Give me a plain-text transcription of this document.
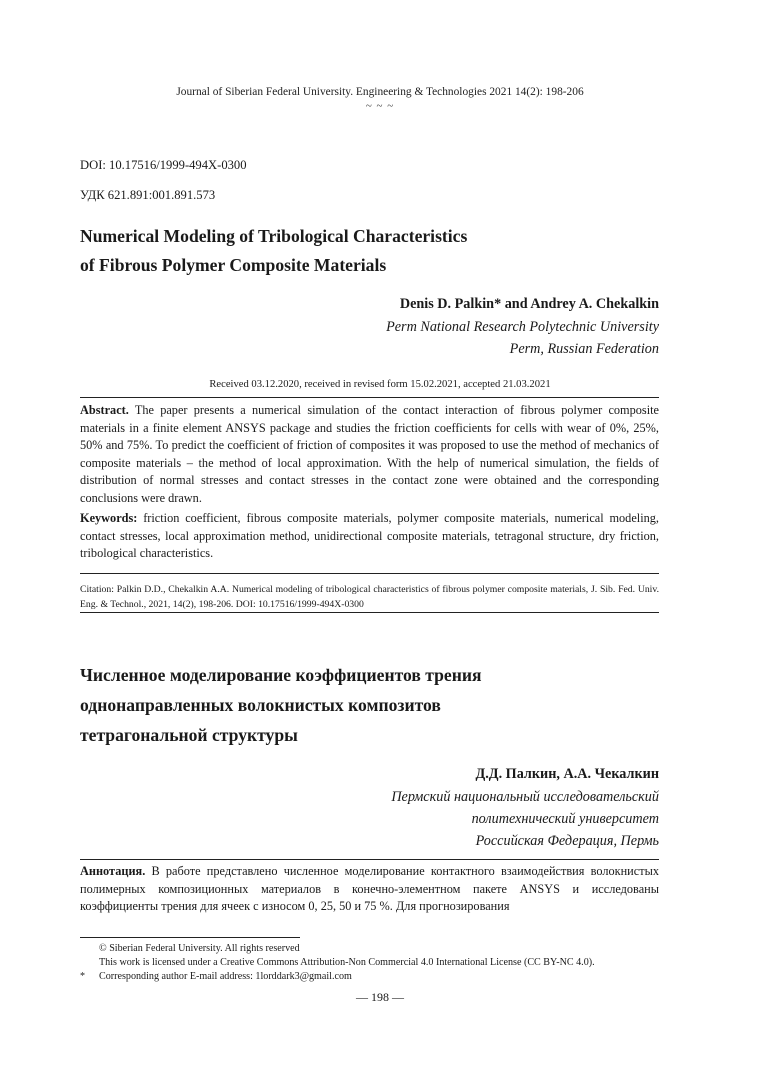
Journal of Siberian Federal University. Engineering & Technologies 2021 14(2): 198-206
~ ~ ~
DOI: 10.17516/1999-494X-0300
УДК 621.891:001.891.573
Numerical Modeling of Tribological Characteristics
of Fibrous Polymer Composite Materials
Denis D. Palkin* and Andrey A. Chekalkin
Perm National Research Polytechnic University
Perm, Russian Federation
Received 03.12.2020, received in revised form 15.02.2021, accepted 21.03.2021
Abstract. The paper presents a numerical simulation of the contact interaction of fibrous polymer composite materials in a finite element ANSYS package and studies the friction coefficients for cells with wear of 0%, 25%, 50% and 75%. To predict the coefficient of friction of composites it was proposed to use the method of mechanics of composite materials – the method of local approximation. With the help of numerical simulation, the fields of distribution of normal stresses and contact stresses in the contact zone were obtained and the corresponding conclusions were drawn.
Keywords: friction coefficient, fibrous composite materials, polymer composite materials, numerical modeling, contact stresses, local approximation method, unidirectional composite materials, tetragonal structure, dry friction, tribological characteristics.
Citation: Palkin D.D., Chekalkin A.A. Numerical modeling of tribological characteristics of fibrous polymer composite materials, J. Sib. Fed. Univ. Eng. & Technol., 2021, 14(2), 198-206. DOI: 10.17516/1999-494X-0300
Численное моделирование коэффициентов трения
однонаправленных волокнистых композитов
тетрагональной структуры
Д.Д. Палкин, А.А. Чекалкин
Пермский национальный исследовательский
политехнический университет
Российская Федерация, Пермь
Аннотация. В работе представлено численное моделирование контактного взаимодействия волокнистых полимерных композиционных материалов в конечно-элементном пакете ANSYS и исследованы коэффициенты трения для ячеек с износом 0, 25, 50 и 75 %. Для прогнозирования
© Siberian Federal University. All rights reserved
This work is licensed under a Creative Commons Attribution-Non Commercial 4.0 International License (CC BY-NC 4.0).
* Corresponding author E-mail address: 1lorddark3@gmail.com
— 198 —
